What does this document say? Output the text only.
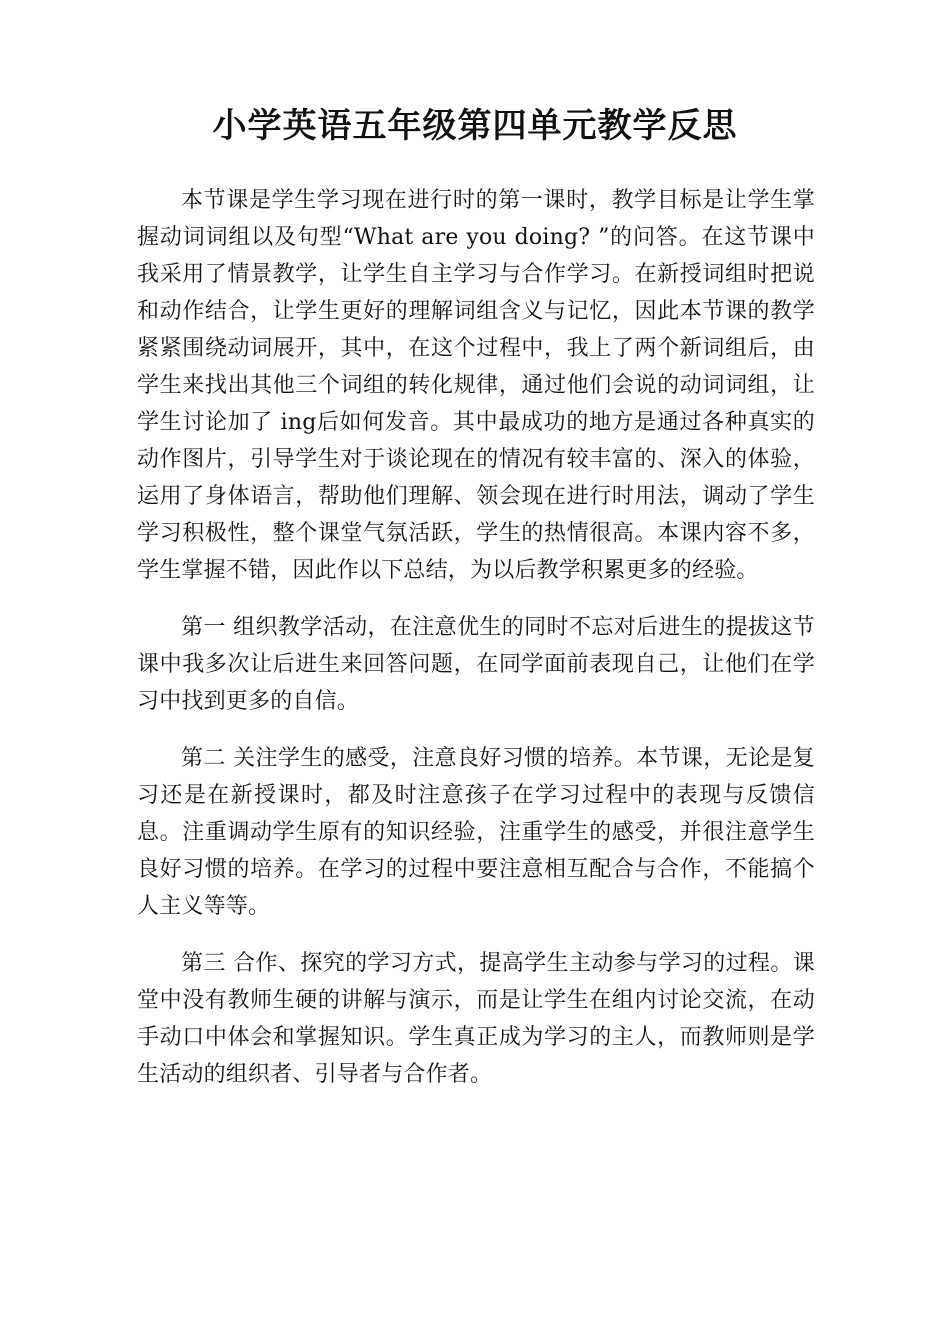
小学英语五年级第四单元教学反思

本节课是学生学习现在进行时的第一课时，教学目标是让学生掌握动词词组以及句型“What are you doing? ”的问答。在这节课中我采用了情景教学，让学生自主学习与合作学习。在新授词组时把说和动作结合，让学生更好的理解词组含义与记忆，因此本节课的教学紧紧围绕动词展开，其中，在这个过程中，我上了两个新词组后，由学生来找出其他三个词组的转化规律，通过他们会说的动词词组，让学生讨论加了 ing后如何发音。其中最成功的地方是通过各种真实的动作图片，引导学生对于谈论现在的情况有较丰富的、深入的体验，运用了身体语言，帮助他们理解、领会现在进行时用法，调动了学生学习积极性，整个课堂气氛活跃，学生的热情很高。本课内容不多，学生掌握不错，因此作以下总结，为以后教学积累更多的经验。

第一 组织教学活动，在注意优生的同时不忘对后进生的提拔这节课中我多次让后进生来回答问题，在同学面前表现自己，让他们在学习中找到更多的自信。

第二 关注学生的感受，注意良好习惯的培养。本节课，无论是复习还是在新授课时，都及时注意孩子在学习过程中的表现与反馈信息。注重调动学生原有的知识经验，注重学生的感受，并很注意学生良好习惯的培养。在学习的过程中要注意相互配合与合作，不能搞个人主义等等。

第三 合作、探究的学习方式，提高学生主动参与学习的过程。课堂中没有教师生硬的讲解与演示，而是让学生在组内讨论交流，在动手动口中体会和掌握知识。学生真正成为学习的主人，而教师则是学生活动的组织者、引导者与合作者。
